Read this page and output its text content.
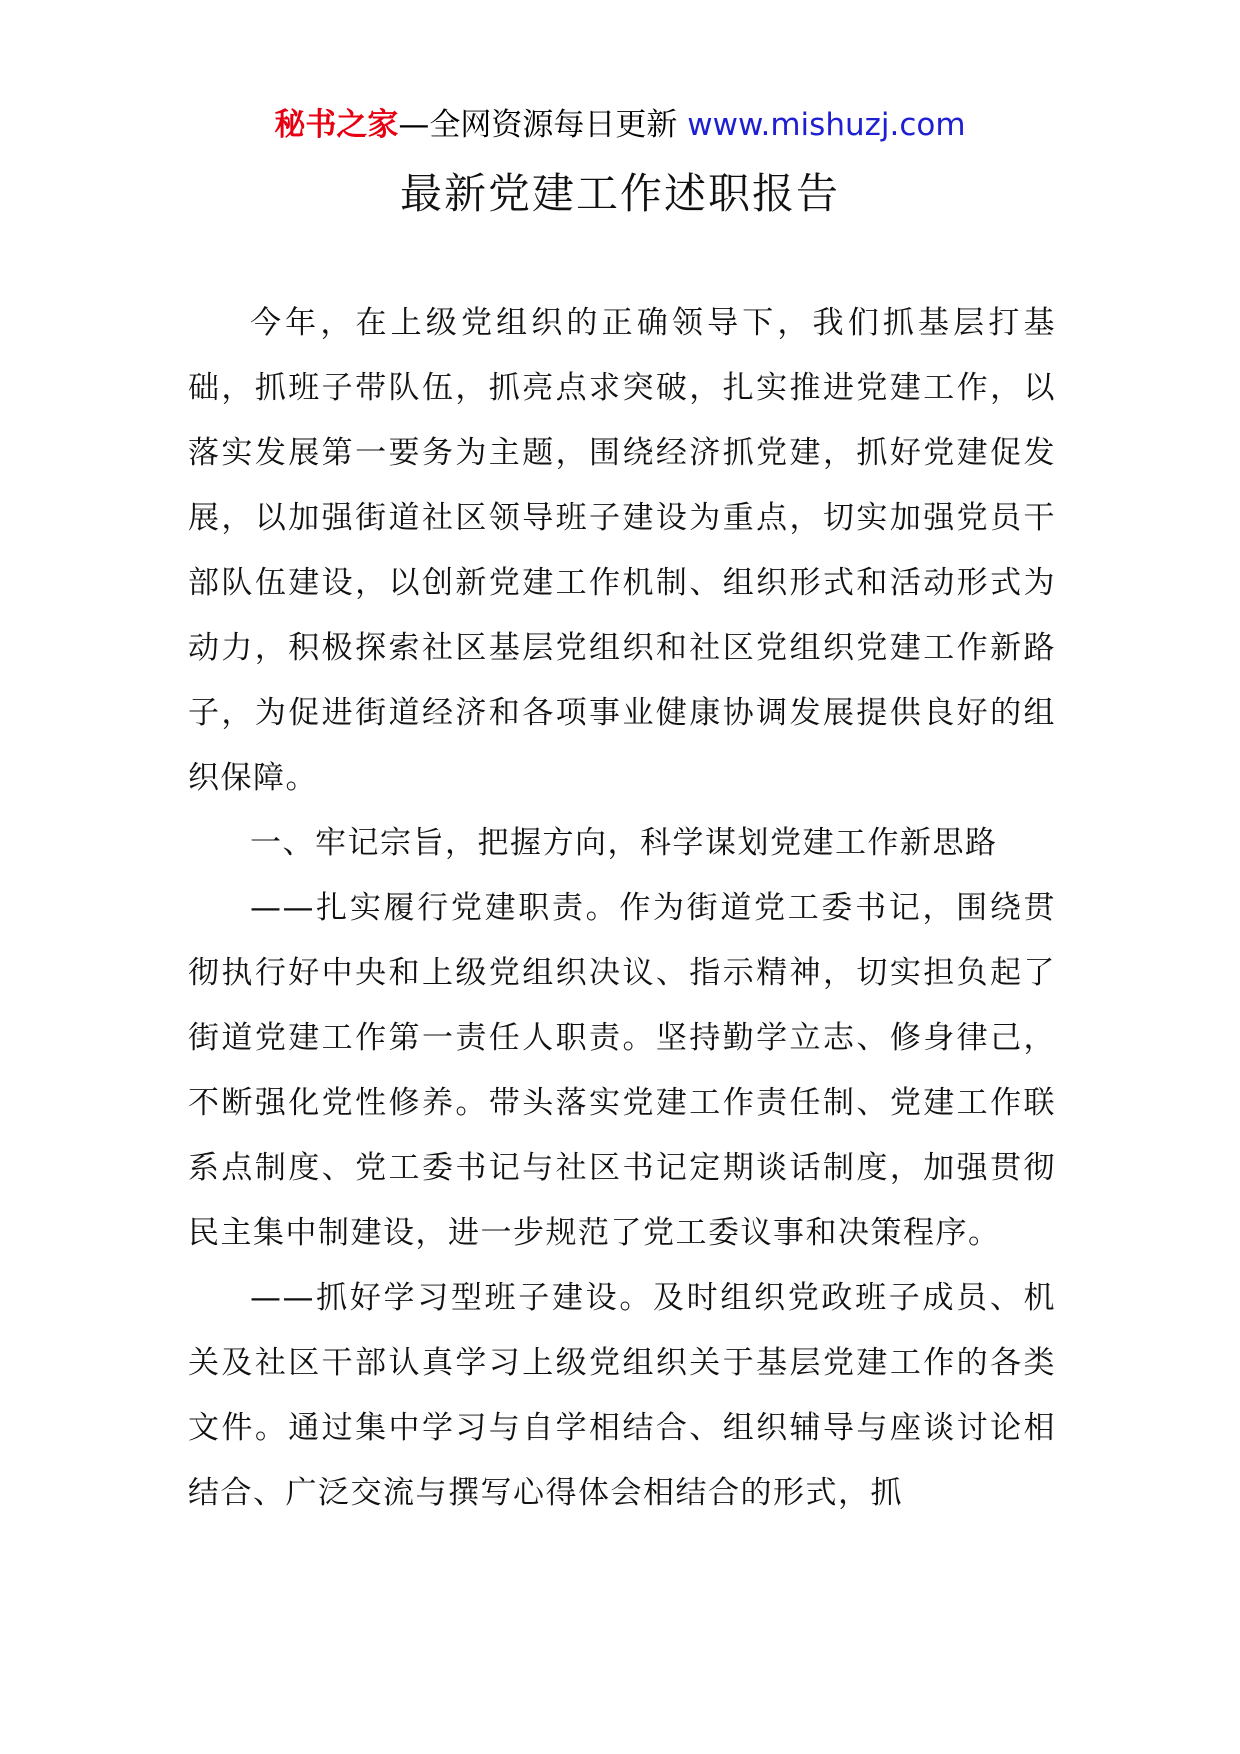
秘书之家—全网资源每日更新 www.mishuzj.com
最新党建工作述职报告

今年，在上级党组织的正确领导下，我们抓基层打基础，抓班子带队伍，抓亮点求突破，扎实推进党建工作，以落实发展第一要务为主题，围绕经济抓党建，抓好党建促发展，以加强街道社区领导班子建设为重点，切实加强党员干部队伍建设，以创新党建工作机制、组织形式和活动形式为动力，积极探索社区基层党组织和社区党组织党建工作新路子，为促进街道经济和各项事业健康协调发展提供良好的组织保障。

一、牢记宗旨，把握方向，科学谋划党建工作新思路

——扎实履行党建职责。作为街道党工委书记，围绕贯彻执行好中央和上级党组织决议、指示精神，切实担负起了街道党建工作第一责任人职责。坚持勤学立志、修身律己，不断强化党性修养。带头落实党建工作责任制、党建工作联系点制度、党工委书记与社区书记定期谈话制度，加强贯彻民主集中制建设，进一步规范了党工委议事和决策程序。

——抓好学习型班子建设。及时组织党政班子成员、机关及社区干部认真学习上级党组织关于基层党建工作的各类文件。通过集中学习与自学相结合、组织辅导与座谈讨论相结合、广泛交流与撰写心得体会相结合的形式，抓
